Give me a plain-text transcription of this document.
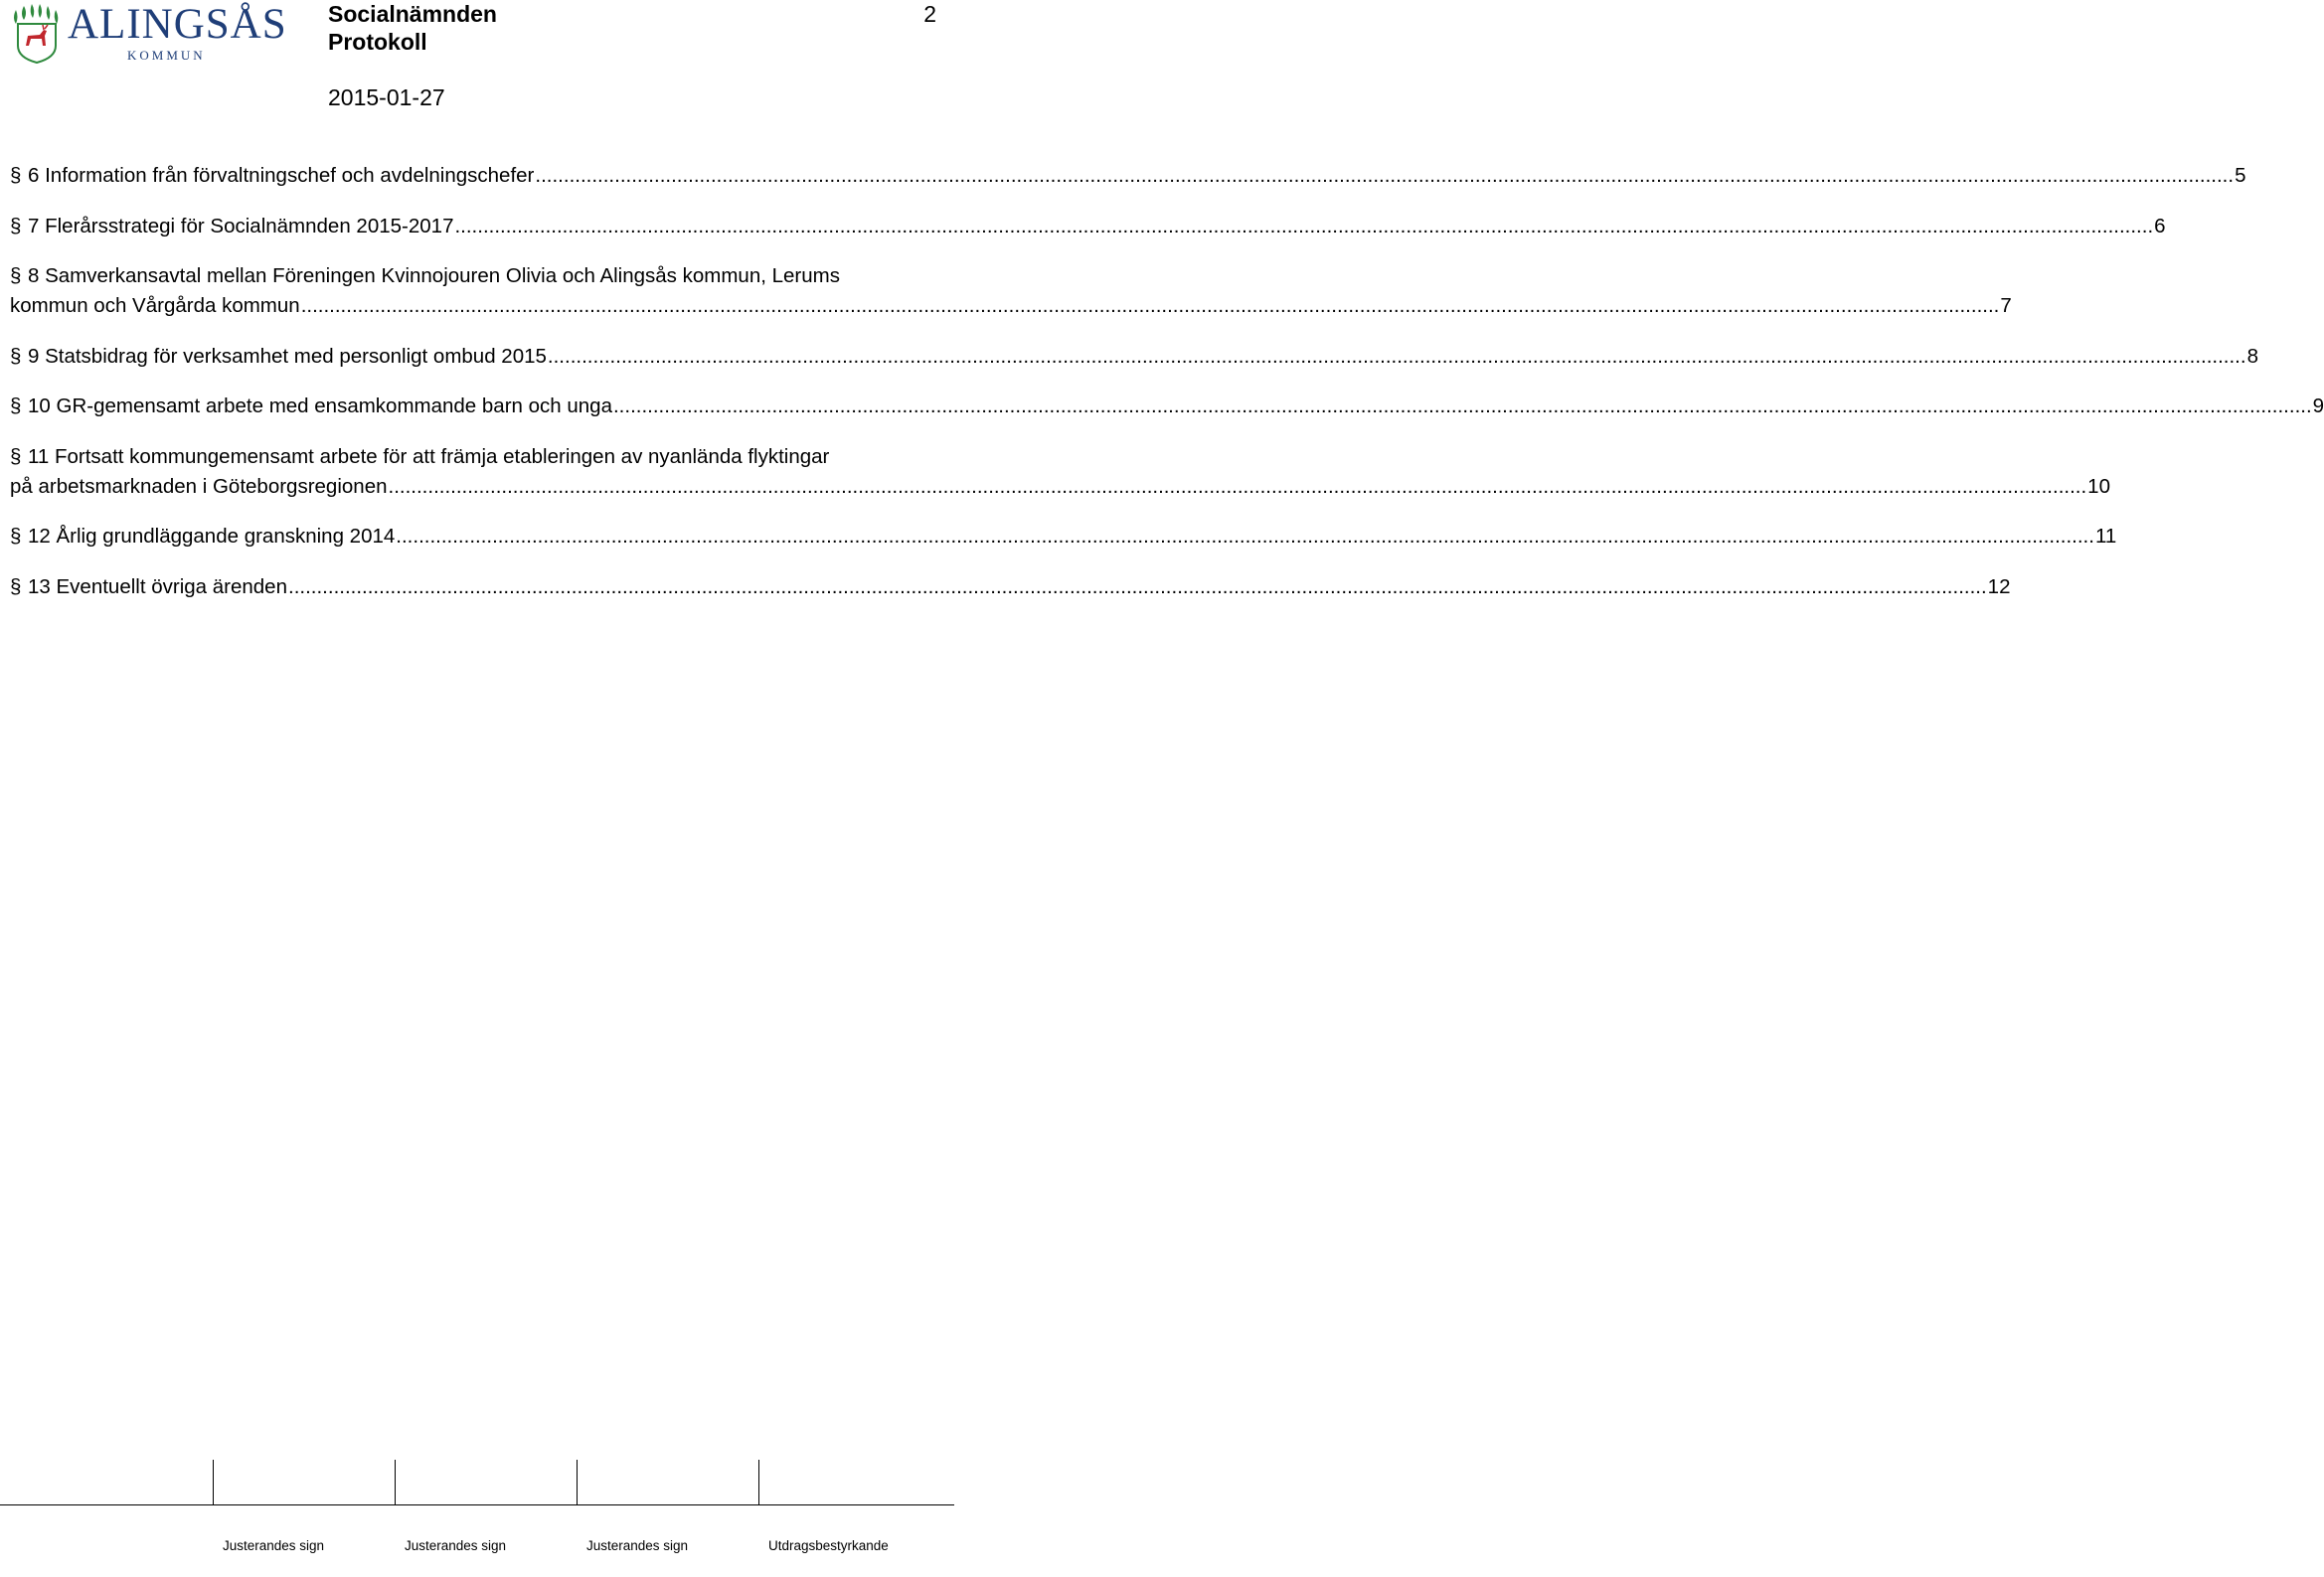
ALINGSÅS
KOMMUN
Socialnämnden
Protokoll
2015-01-27
2
§ 6 Information från förvaltningschef och avdelningschefer ............................................................................................................................................................................................................................................................................................................ 5
§ 7 Flerårsstrategi för Socialnämnden 2015-2017 ............................................................................................................................................................................................................................................................................................................ 6
§ 8 Samverkansavtal mellan Föreningen Kvinnojouren Olivia och Alingsås kommun, Lerums
kommun och Vårgårda kommun ............................................................................................................................................................................................................................................................................................................ 7
§ 9 Statsbidrag för verksamhet med personligt ombud 2015 ............................................................................................................................................................................................................................................................................................................ 8
§ 10 GR-gemensamt arbete med ensamkommande barn och unga ............................................................................................................................................................................................................................................................................................................ 9
§ 11 Fortsatt kommungemensamt arbete för att främja etableringen av nyanlända flyktingar
på arbetsmarknaden i Göteborgsregionen ............................................................................................................................................................................................................................................................................................................ 10
§ 12 Årlig grundläggande granskning 2014 ............................................................................................................................................................................................................................................................................................................ 11
§ 13 Eventuellt övriga ärenden ............................................................................................................................................................................................................................................................................................................ 12
Justerandes sign	Justerandes sign	Justerandes sign	Utdragsbestyrkande
